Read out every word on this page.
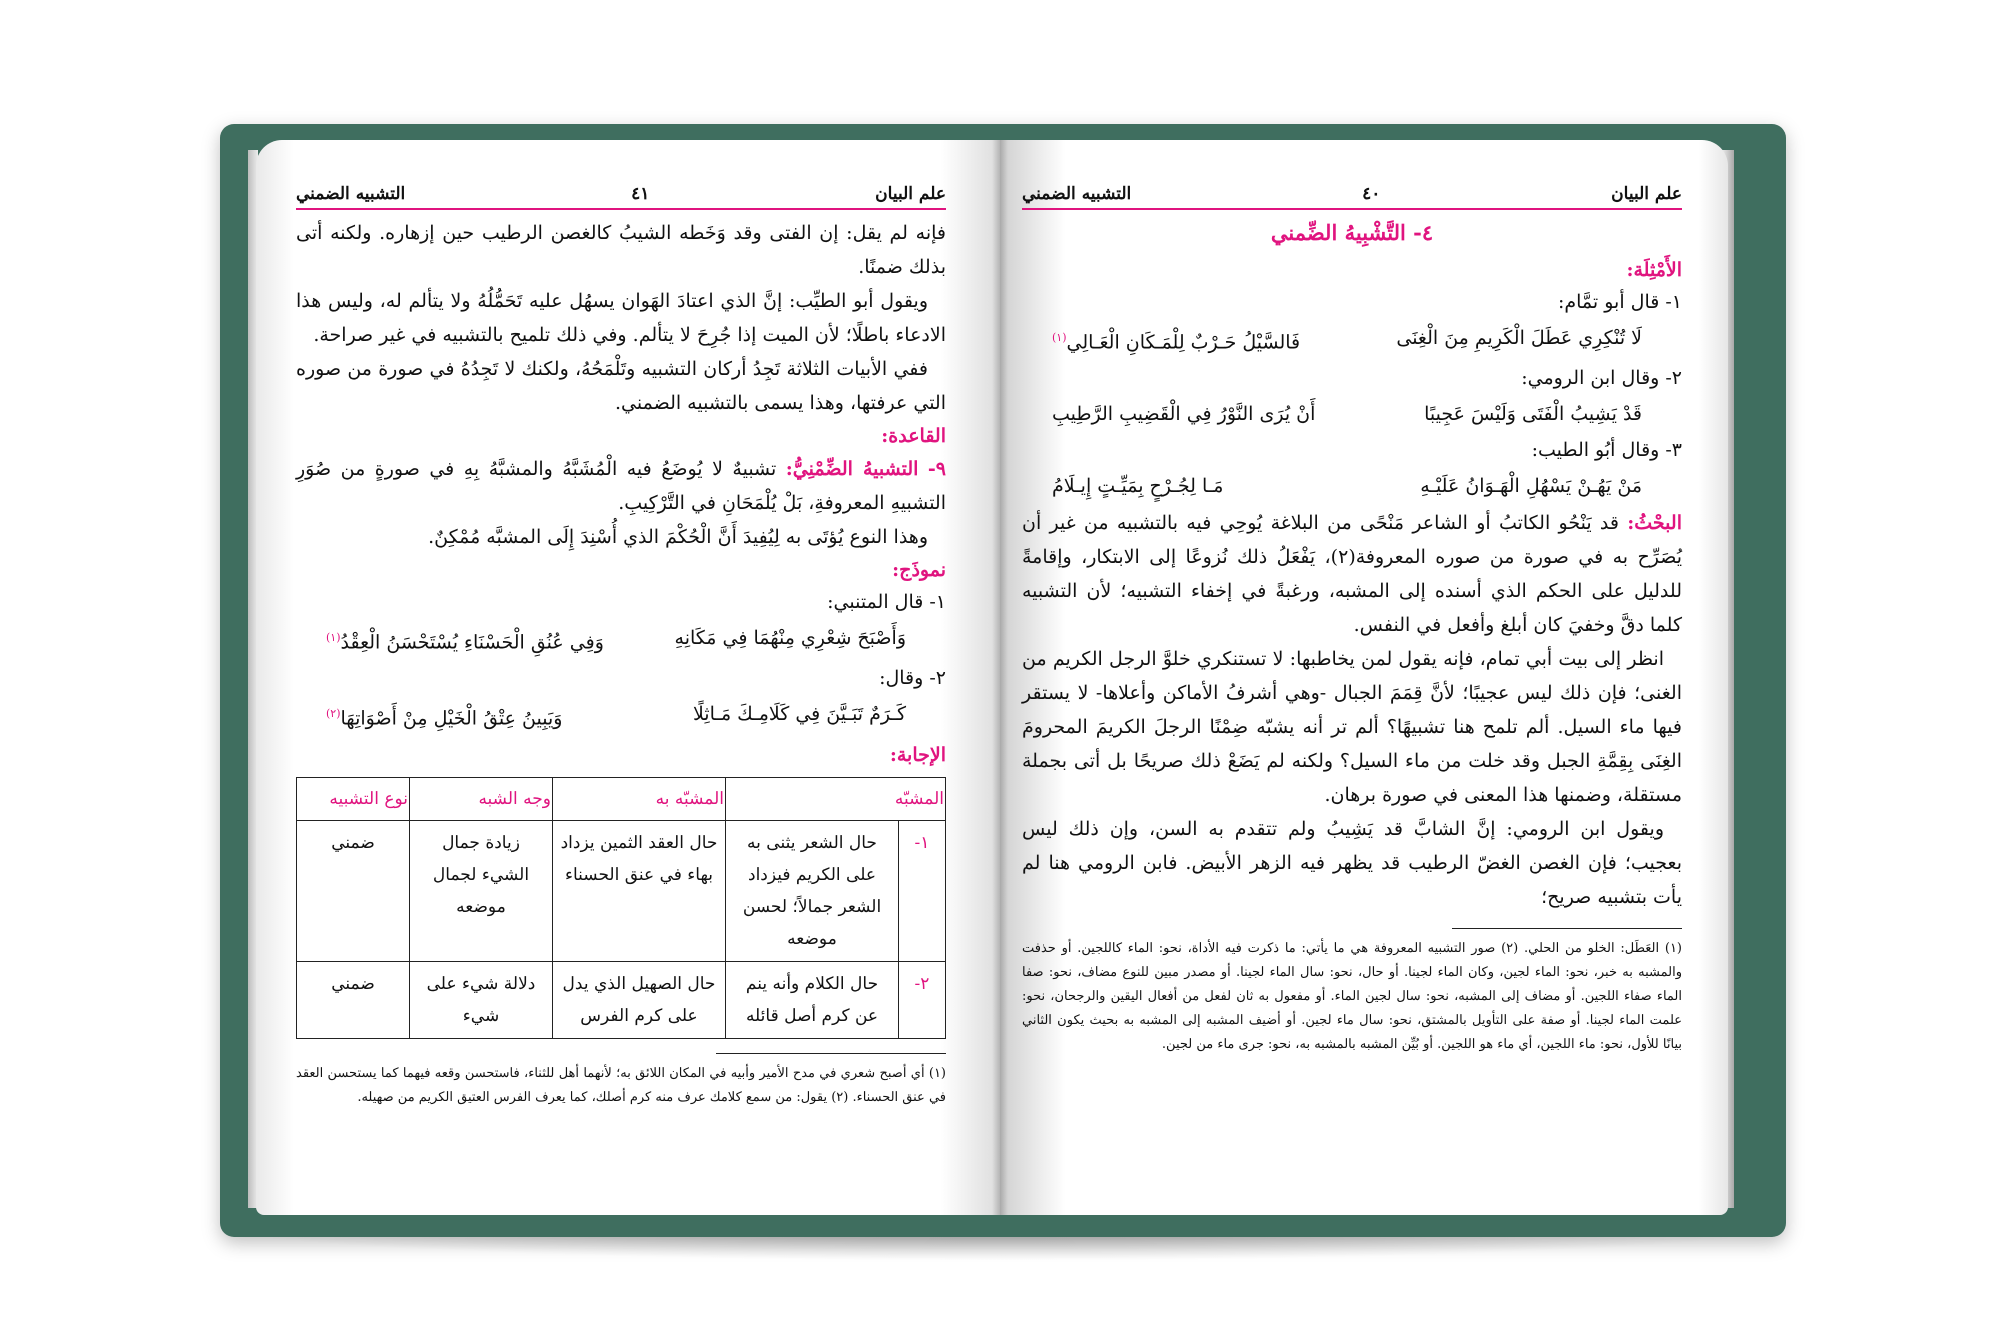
علم البيان
٤١
التشبيه الضمني

فإنه لم يقل: إن الفتى وقد وَخَطه الشيبُ كالغصن الرطيب حين إزهاره. ولكنه أتى بذلك ضمنًا.

ويقول أبو الطيِّب: إنَّ الذي اعتادَ الهَوان يسهُل عليه تَحَمُّلُهُ ولا يتألم له، وليس هذا الادعاء باطلًا؛ لأن الميت إذا جُرِحَ لا يتألم. وفي ذلك تلميح بالتشبيه في غير صراحة.

ففي الأبيات الثلاثة تَجِدُ أركان التشبيه وتَلْمَحُهُ، ولكنك لا تَجِدُهُ في صورة من صوره التي عرفتها، وهذا يسمى بالتشبيه الضمني.

القاعدة:

٩- التشبيهُ الضِّمْنِيُّ: تشبيهٌ لا يُوضَعُ فيه الْمُشَبَّهُ والمشبَّهُ بِهِ في صورةٍ من صُوَرِ التشبيهِ المعروفةِ، بَلْ يُلْمَحَانِ في التَّرْكِيبِ.

وهذا النوع يُؤتَى به لِيُفِيدَ أَنَّ الْحُكْمَ الذي أُسْنِدَ إِلَى المشبَّه مُمْكِنٌ.

نموذَج:
١- قال المتنبي:
وَأَصْبَحَ شِعْرِي مِنْهُمَا فِي مَكَانِهِ
وَفِي عُنُقِ الْحَسْنَاءِ يُسْتَحْسَنُ الْعِقْدُ$^{(١)}$
٢- وقال:
كَـرَمٌ تَبَـيَّنَ فِي كَلَامِـكَ مَـاثِلًا
وَيَبِينُ عِتْقُ الْخَيْلِ مِنْ أَصْوَاتِهَا$^{(٢)}$
الإجابة:
المشبّه		المشبّه به	وجه الشبه	نوع التشبيه
١-	حال الشعر يثنى به على الكريم فيزداد الشعر جمالاً؛ لحسن موضعه	حال العقد الثمين يزداد بهاء في عنق الحسناء	زيادة جمال الشيء لجمال موضعه	ضمني
٢-	حال الكلام وأنه ينم عن كرم أصل قائله	حال الصهيل الذي يدل على كرم الفرس	دلالة شيء على شيء	ضمني
(١) أي أصبح شعري في مدح الأمير وأبيه في المكان اللائق به؛ لأنهما أهل للثناء، فاستحسن وقعه فيهما كما يستحسن العقد في عنق الحسناء. (٢) يقول: من سمع كلامك عرف منه كرم أصلك، كما يعرف الفرس العتيق الكريم من صهيله.
علم البيان
٤٠
التشبيه الضمني
٤- التَّشْبِيهُ الضِّمني
الأَمْثِلَة:
١- قال أبو تمَّام:
لَا تُنْكِرِي عَطَلَ الْكَرِيمِ مِنَ الْغِنَى
فَالسَّيْلُ حَـرْبٌ لِلْمَـكَانِ الْعَـالِي$^{(١)}$
٢- وقال ابن الرومي:
قَدْ يَشِيبُ الْفَتَى وَلَيْسَ عَجِيبًا
أَنْ يُرَى النَّوْرُ فِي الْقَضِيبِ الرَّطِيبِ
٣- وقال أبُو الطيب:
مَنْ يَهُـنْ يَسْهُلِ الْهَـوَانُ عَلَيْـهِ
مَـا لِجُـرْحٍ بِمَيِّـتٍ إِيـلَامُ

البحْثُ: قد يَنْحُو الكاتبُ أو الشاعر مَنْحًى من البلاغة يُوحِي فيه بالتشبيه من غير أن يُصَرِّح به في صورة من صوره المعروفة(٢)، يَفْعَلُ ذلك نُزوعًا إلى الابتكار، وإقامةً للدليل على الحكم الذي أسنده إلى المشبه، ورغبةً في إخفاء التشبيه؛ لأن التشبيه كلما دقَّ وخفيَ كان أبلغ وأفعل في النفس.

انظر إلى بيت أبي تمام، فإنه يقول لمن يخاطبها: لا تستنكري خلوَّ الرجل الكريم من الغنى؛ فإن ذلك ليس عجيبًا؛ لأنَّ قِمَمَ الجبال -وهي أشرفُ الأماكن وأعلاها- لا يستقر فيها ماء السيل. ألم تلمح هنا تشبيهًا؟ ألم تر أنه يشبّه ضِمْنًا الرجلَ الكريمَ المحرومَ الغِنَى بِقِمَّةِ الجبل وقد خلت من ماء السيل؟ ولكنه لم يَضَعْ ذلك صريحًا بل أتى بجملة مستقلة، وضمنها هذا المعنى في صورة برهان.

ويقول ابن الرومي: إنَّ الشابَّ قد يَشِيبُ ولم تتقدم به السن، وإن ذلك ليس بعجيب؛ فإن الغصن الغضّ الرطيب قد يظهر فيه الزهر الأبيض. فابن الرومي هنا لم يأت بتشبيه صريح؛

(١) العَطَل: الخلو من الحلي. (٢) صور التشبيه المعروفة هي ما يأتي: ما ذكرت فيه الأداة، نحو: الماء كاللجين. أو حذفت والمشبه به خبر، نحو: الماء لجين، وكان الماء لجينا. أو حال، نحو: سال الماء لجينا. أو مصدر مبين للنوع مضاف، نحو: صفا الماء صفاء اللجين. أو مضاف إلى المشبه، نحو: سال لجين الماء. أو مفعول به ثان لفعل من أفعال اليقين والرجحان، نحو: علمت الماء لجينا. أو صفة على التأويل بالمشتق، نحو: سال ماء لجين. أو أضيف المشبه إلى المشبه به بحيث يكون الثاني بيانًا للأول، نحو: ماء اللجين، أي ماء هو اللجين. أو بُيِّن المشبه بالمشبه به، نحو: جرى ماء من لجين.
